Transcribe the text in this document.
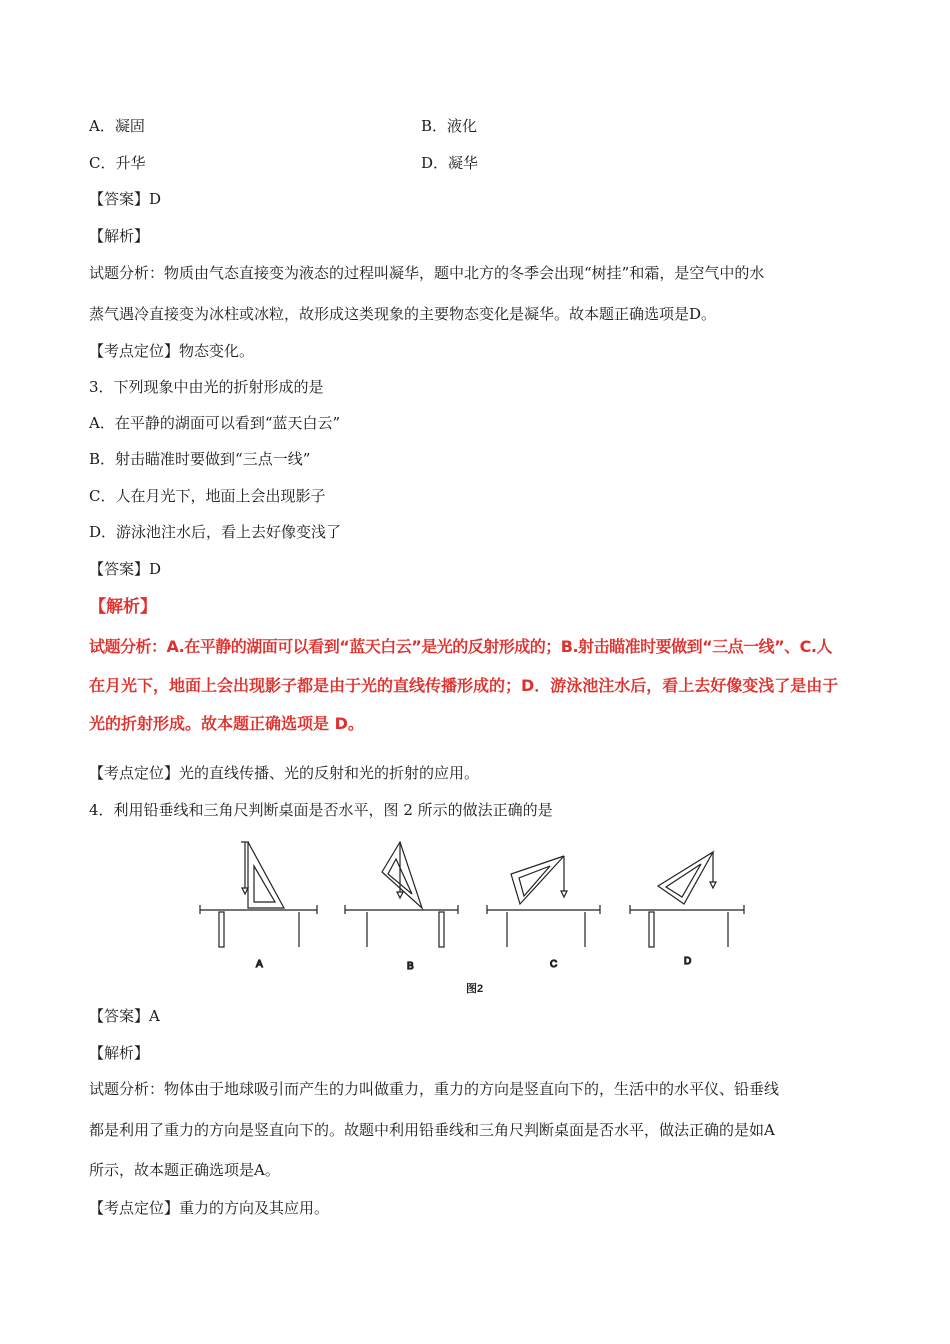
A．凝固	B．液化
C．升华	D．凝华
【答案】D
【解析】
试题分析：物质由气态直接变为液态的过程叫凝华，题中北方的冬季会出现“树挂”和霜，是空气中的水
蒸气遇冷直接变为冰柱或冰粒，故形成这类现象的主要物态变化是凝华。故本题正确选项是D。
【考点定位】物态变化。
3．下列现象中由光的折射形成的是
A．在平静的湖面可以看到“蓝天白云”
B．射击瞄准时要做到“三点一线”
C．人在月光下，地面上会出现影子
D．游泳池注水后，看上去好像变浅了
【答案】D
【解析】
试题分析：A.在平静的湖面可以看到“蓝天白云”是光的反射形成的；B.射击瞄准时要做到“三点一线”、C.人
在月光下，地面上会出现影子都是由于光的直线传播形成的；D．游泳池注水后，看上去好像变浅了是由于
光的折射形成。故本题正确选项是 D。
【考点定位】光的直线传播、光的反射和光的折射的应用。
4．利用铅垂线和三角尺判断桌面是否水平，图 2 所示的做法正确的是
A	B	C	D
图2
【答案】A
【解析】
试题分析：物体由于地球吸引而产生的力叫做重力，重力的方向是竖直向下的，生活中的水平仪、铅垂线
都是利用了重力的方向是竖直向下的。故题中利用铅垂线和三角尺判断桌面是否水平，做法正确的是如A
所示，故本题正确选项是A。
【考点定位】重力的方向及其应用。
